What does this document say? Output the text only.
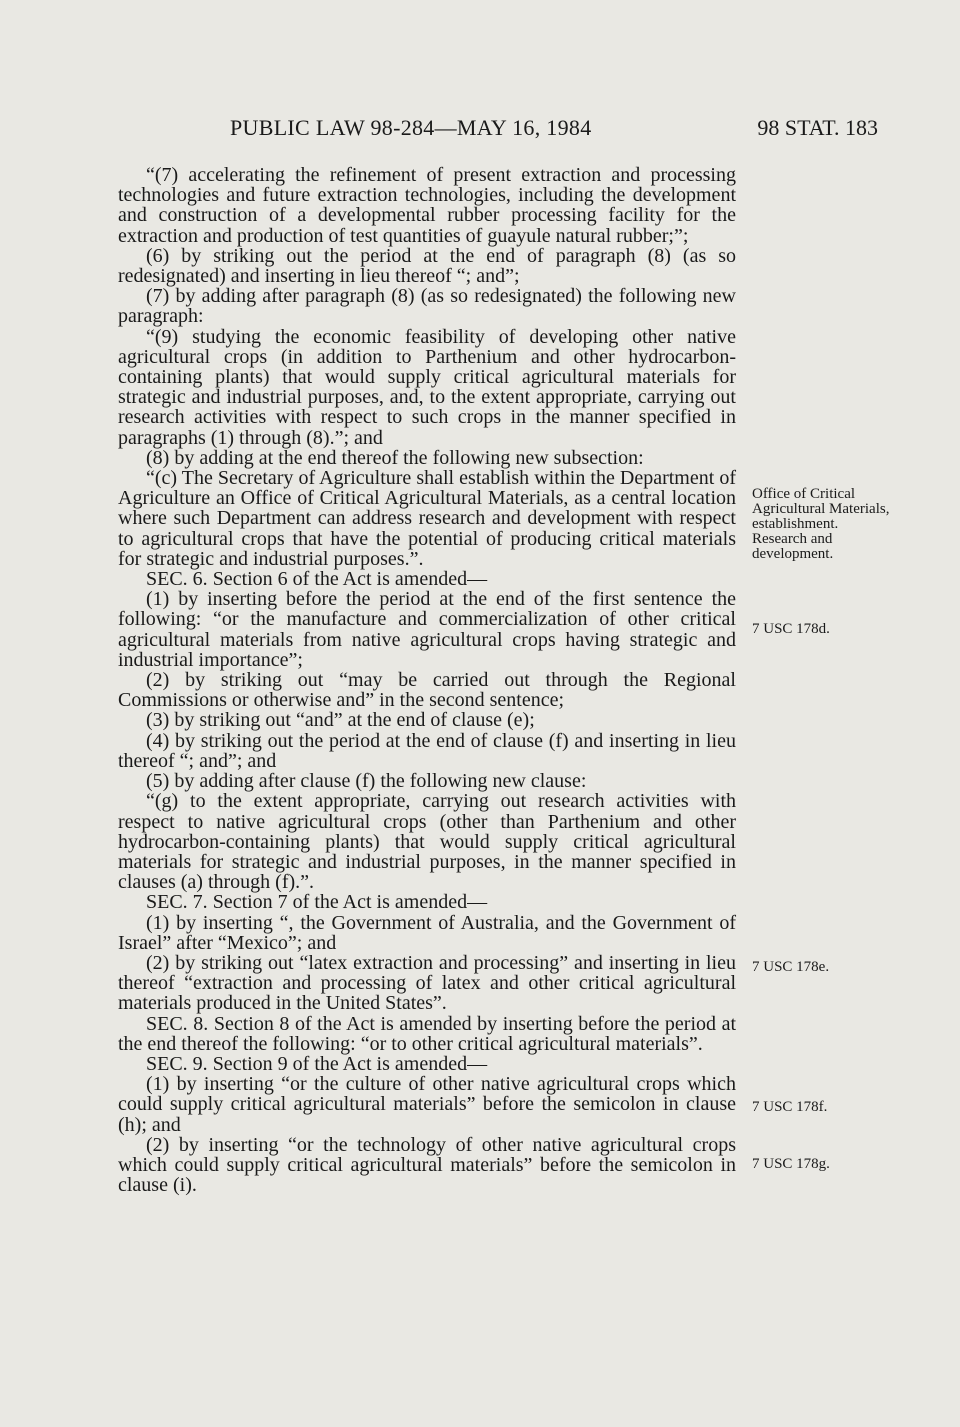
PUBLIC LAW 98-284—MAY 16, 1984	98 STAT. 183

“(7) accelerating the refinement of present extraction and processing technologies and future extraction technologies, including the development and construction of a developmental rubber processing facility for the extraction and production of test quantities of guayule natural rubber;”;

(6) by striking out the period at the end of paragraph (8) (as so redesignated) and inserting in lieu thereof “; and”;

(7) by adding after paragraph (8) (as so redesignated) the following new paragraph:

“(9) studying the economic feasibility of developing other native agricultural crops (in addition to Parthenium and other hydrocarbon-containing plants) that would supply critical agricultural materials for strategic and industrial purposes, and, to the extent appropriate, carrying out research activities with respect to such crops in the manner specified in paragraphs (1) through (8).”; and

(8) by adding at the end thereof the following new subsection:

“(c) The Secretary of Agriculture shall establish within the Department of Agriculture an Office of Critical Agricultural Materials, as a central location where such Department can address research and development with respect to agricultural crops that have the potential of producing critical materials for strategic and industrial purposes.”.

SEC. 6. Section 6 of the Act is amended—

(1) by inserting before the period at the end of the first sentence the following: “or the manufacture and commercialization of other critical agricultural materials from native agricultural crops having strategic and industrial importance”;

(2) by striking out “may be carried out through the Regional Commissions or otherwise and” in the second sentence;

(3) by striking out “and” at the end of clause (e);

(4) by striking out the period at the end of clause (f) and inserting in lieu thereof “; and”; and

(5) by adding after clause (f) the following new clause:

“(g) to the extent appropriate, carrying out research activities with respect to native agricultural crops (other than Parthenium and other hydrocarbon-containing plants) that would supply critical agricultural materials for strategic and industrial purposes, in the manner specified in clauses (a) through (f).”.

SEC. 7. Section 7 of the Act is amended—

(1) by inserting “, the Government of Australia, and the Government of Israel” after “Mexico”; and

(2) by striking out “latex extraction and processing” and inserting in lieu thereof “extraction and processing of latex and other critical agricultural materials produced in the United States”.

SEC. 8. Section 8 of the Act is amended by inserting before the period at the end thereof the following: “or to other critical agricultural materials”.

SEC. 9. Section 9 of the Act is amended—

(1) by inserting “or the culture of other native agricultural crops which could supply critical agricultural materials” before the semicolon in clause (h); and

(2) by inserting “or the technology of other native agricultural crops which could supply critical agricultural materials” before the semicolon in clause (i).

Office of Critical Agricultural Materials, establishment. Research and development.
7 USC 178d.
7 USC 178e.
7 USC 178f.
7 USC 178g.
